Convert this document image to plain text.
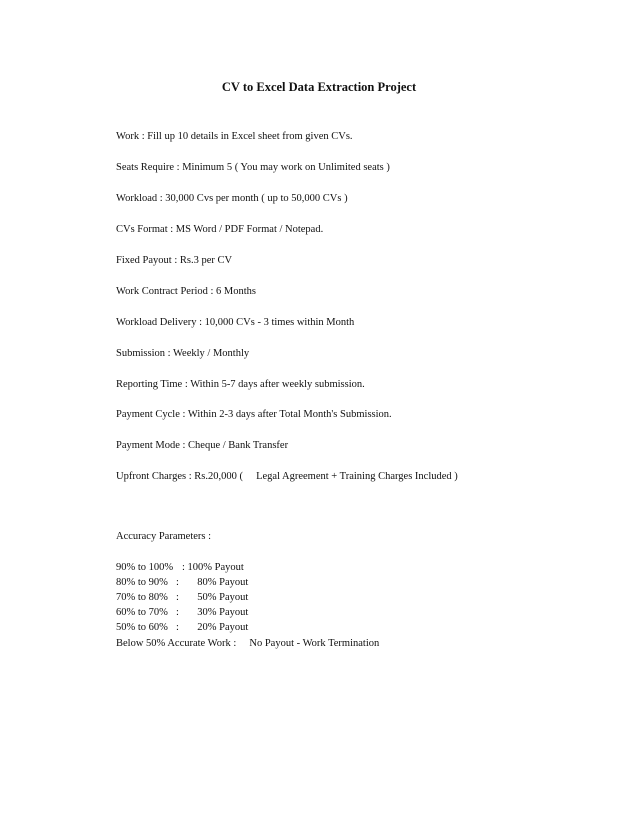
CV to Excel Data Extraction Project

Work : Fill up 10 details in Excel sheet from given CVs.

Seats Require : Minimum 5 ( You may work on Unlimited seats )

Workload : 30,000 Cvs per month ( up to 50,000 CVs )

CVs Format : MS Word / PDF Format / Notepad.

Fixed Payout : Rs.3 per CV

Work Contract Period : 6 Months

Workload Delivery : 10,000 CVs - 3 times within Month

Submission : Weekly / Monthly

Reporting Time : Within 5-7 days after weekly submission.

Payment Cycle : Within 2-3 days after Total Month's Submission.

Payment Mode : Cheque / Bank Transfer

Upfront Charges : Rs.20,000 (     Legal Agreement + Training Charges Included )

Accuracy Parameters :

90% to 100% : 100% Payout
80% to 90% :       80% Payout
70% to 80% :       50% Payout
60% to 70% :       30% Payout
50% to 60% :       20% Payout

Below 50% Accurate Work :     No Payout - Work Termination
